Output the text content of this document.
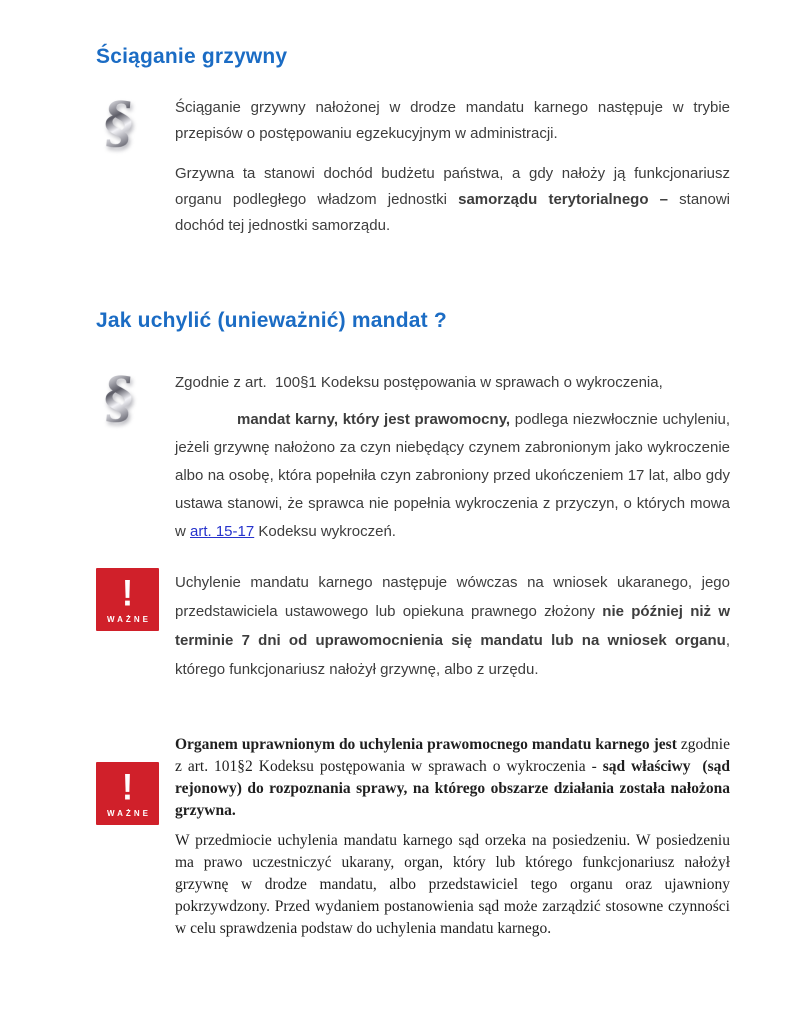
Ściąganie grzywny
§	Ściąganie grzywny nałożonej w drodze mandatu karnego następuje w trybie przepisów o postępowaniu egzekucyjnym w administracji.

Grzywna ta stanowi dochód budżetu państwa, a gdy nałoży ją funkcjonariusz organu podległego władzom jednostki samorządu terytorialnego – stanowi dochód tej jednostki samorządu.

Jak uchylić (unieważnić) mandat ?
§	Zgodnie z art.  100§1 Kodeksu postępowania w sprawach o wykroczenia,

mandat karny, który jest prawomocny, podlega niezwłocznie uchyleniu, jeżeli grzywnę nałożono za czyn niebędący czynem zabronionym jako wykroczenie albo na osobę, która popełniła czyn zabroniony przed ukończeniem 17 lat, albo gdy ustawa stanowi, że sprawca nie popełnia wykroczenia z przyczyn, o których mowa w art. 15-17 Kodeksu wykroczeń.

!
WAŻNE

Uchylenie mandatu karnego następuje wówczas na wniosek ukaranego, jego przedstawiciela ustawowego lub opiekuna prawnego złożony nie później niż w terminie 7 dni od uprawomocnienia się mandatu lub na wniosek organu, którego funkcjonariusz nałożył grzywnę, albo z urzędu.

!
WAŻNE

Organem uprawnionym do uchylenia prawomocnego mandatu karnego jest zgodnie z art. 101§2 Kodeksu postępowania w sprawach o wykroczenia - sąd właściwy  (sąd rejonowy) do rozpoznania sprawy, na którego obszarze działania została nałożona grzywna.

W przedmiocie uchylenia mandatu karnego sąd orzeka na posiedzeniu. W posiedzeniu ma prawo uczestniczyć ukarany, organ, który lub którego funkcjonariusz nałożył grzywnę w drodze mandatu, albo przedstawiciel tego organu oraz ujawniony pokrzywdzony. Przed wydaniem postanowienia sąd może zarządzić stosowne czynności w celu sprawdzenia podstaw do uchylenia mandatu karnego.
